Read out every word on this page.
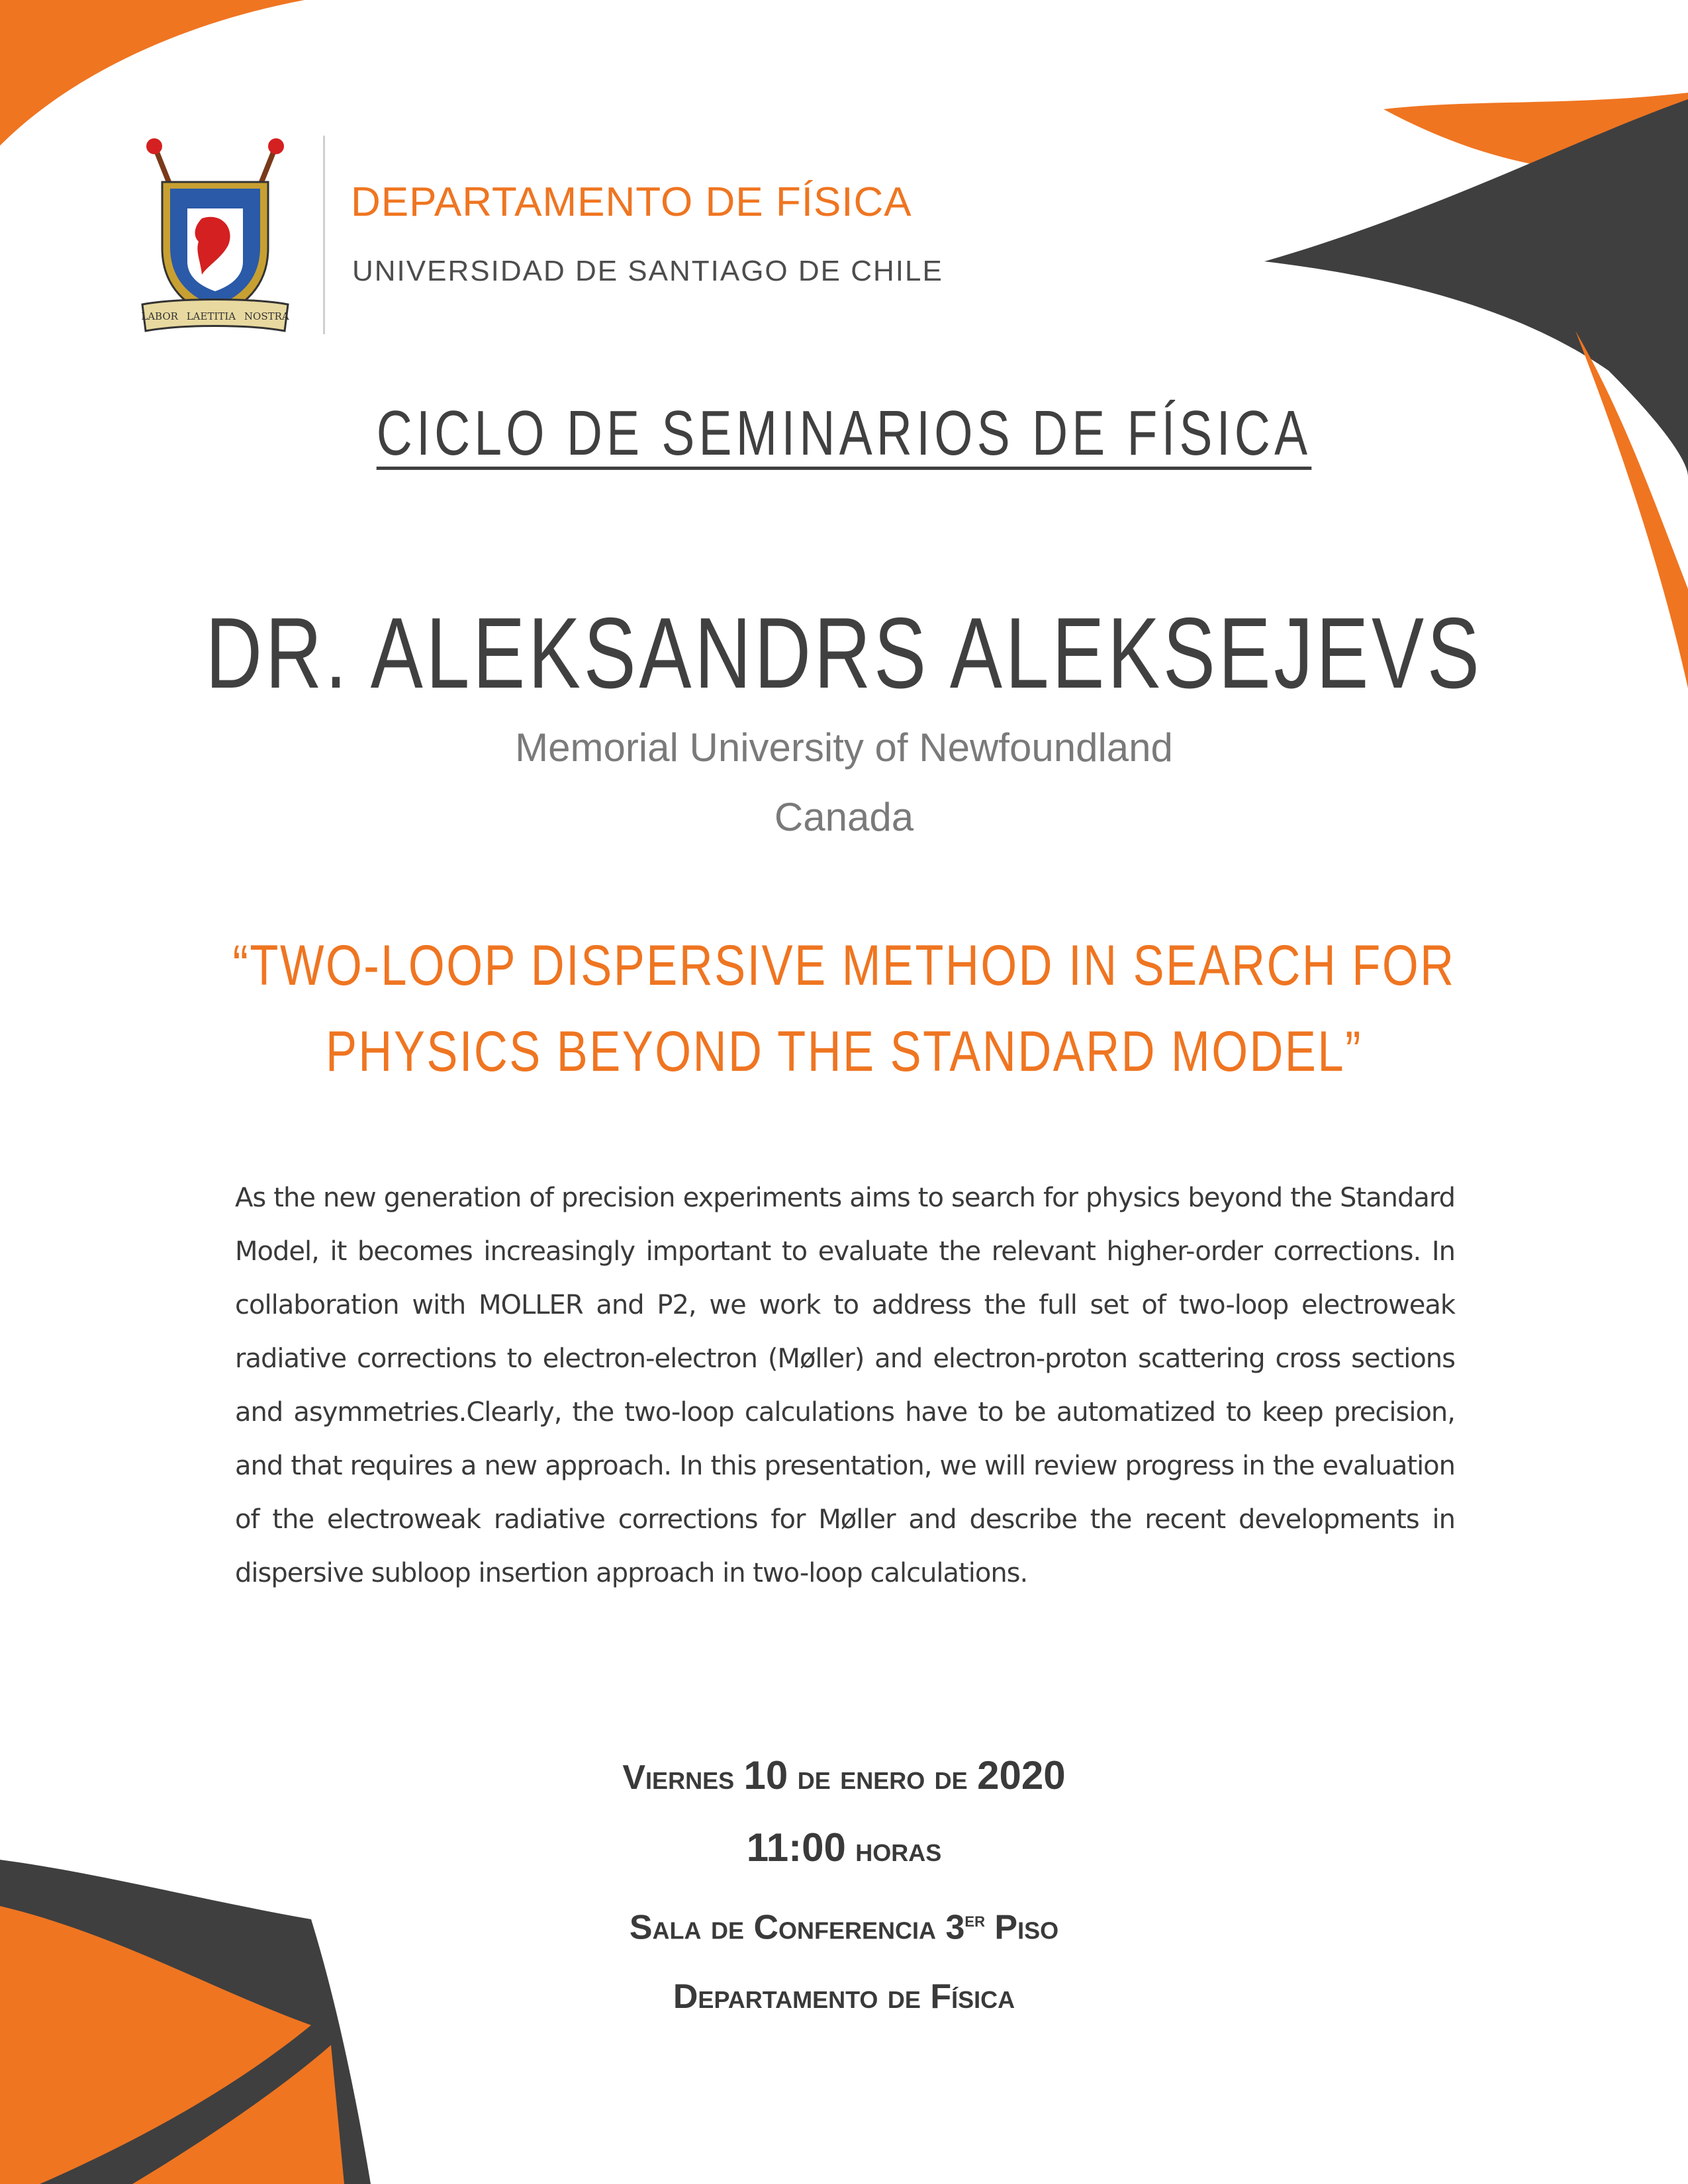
LABOR LAETITIA NOSTRA
DEPARTAMENTO DE FÍSICA
UNIVERSIDAD DE SANTIAGO DE CHILE
CICLO DE SEMINARIOS DE FÍSICA
DR. ALEKSANDRS ALEKSEJEVS
Memorial University of Newfoundland
Canada
“TWO-LOOP DISPERSIVE METHOD IN SEARCH FOR
PHYSICS BEYOND THE STANDARD MODEL”
As the new generation of precision experiments aims to search for physics beyond the Standard Model, it becomes increasingly important to evaluate the relevant higher-order corrections. In collaboration with MOLLER and P2, we work to address the full set of two-loop electroweak radiative corrections to electron-electron (Møller) and electron-proton scattering cross sections and asymmetries.Clearly, the two-loop calculations have to be automatized to keep precision, and that requires a new approach. In this presentation, we will review progress in the evaluation of the electroweak radiative corrections for Møller and describe the recent developments in dispersive subloop insertion approach in two-loop calculations.
Viernes 10 de enero de 2020
11:00 horas
Sala de Conferencia 3er Piso
Departamento de Física
